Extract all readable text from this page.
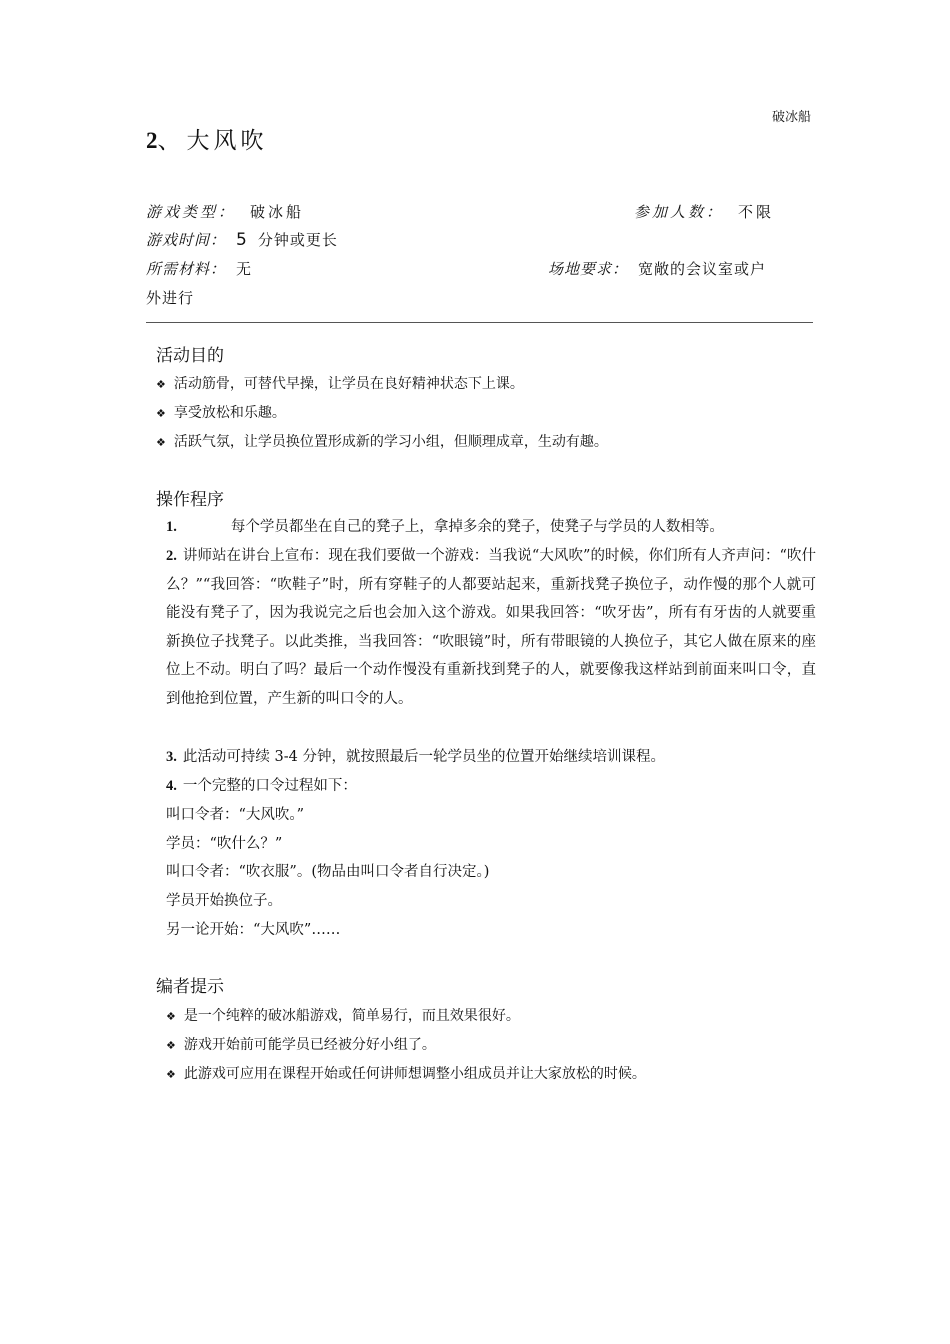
破冰船
2、 大风吹
游戏类型： 破冰船	参加人数： 不限
游戏时间： 5 分钟或更长
所需材料： 无	场地要求： 宽敞的会议室或户
外进行
活动目的
❖ 活动筋骨，可替代早操，让学员在良好精神状态下上课。
❖ 享受放松和乐趣。
❖ 活跃气氛，让学员换位置形成新的学习小组，但顺理成章，生动有趣。
操作程序
1.	每个学员都坐在自己的凳子上，拿掉多余的凳子，使凳子与学员的人数相等。
2. 讲师站在讲台上宣布：现在我们要做一个游戏：当我说“大风吹”的时候，你们所有人齐声问：“吹什么？”“我回答：“吹鞋子”时，所有穿鞋子的人都要站起来，重新找凳子换位子，动作慢的那个人就可能没有凳子了，因为我说完之后也会加入这个游戏。如果我回答：“吹牙齿”，所有有牙齿的人就要重新换位子找凳子。以此类推，当我回答：“吹眼镜”时，所有带眼镜的人换位子，其它人做在原来的座位上不动。明白了吗？最后一个动作慢没有重新找到凳子的人，就要像我这样站到前面来叫口令，直到他抢到位置，产生新的叫口令的人。
3. 此活动可持续 3-4 分钟，就按照最后一轮学员坐的位置开始继续培训课程。
4. 一个完整的口令过程如下：
叫口令者：“大风吹。”
学员：“吹什么？”
叫口令者：“吹衣服”。(物品由叫口令者自行决定。)
学员开始换位子。
另一论开始：“大风吹”……
编者提示
❖ 是一个纯粹的破冰船游戏，简单易行，而且效果很好。
❖ 游戏开始前可能学员已经被分好小组了。
❖ 此游戏可应用在课程开始或任何讲师想调整小组成员并让大家放松的时候。
